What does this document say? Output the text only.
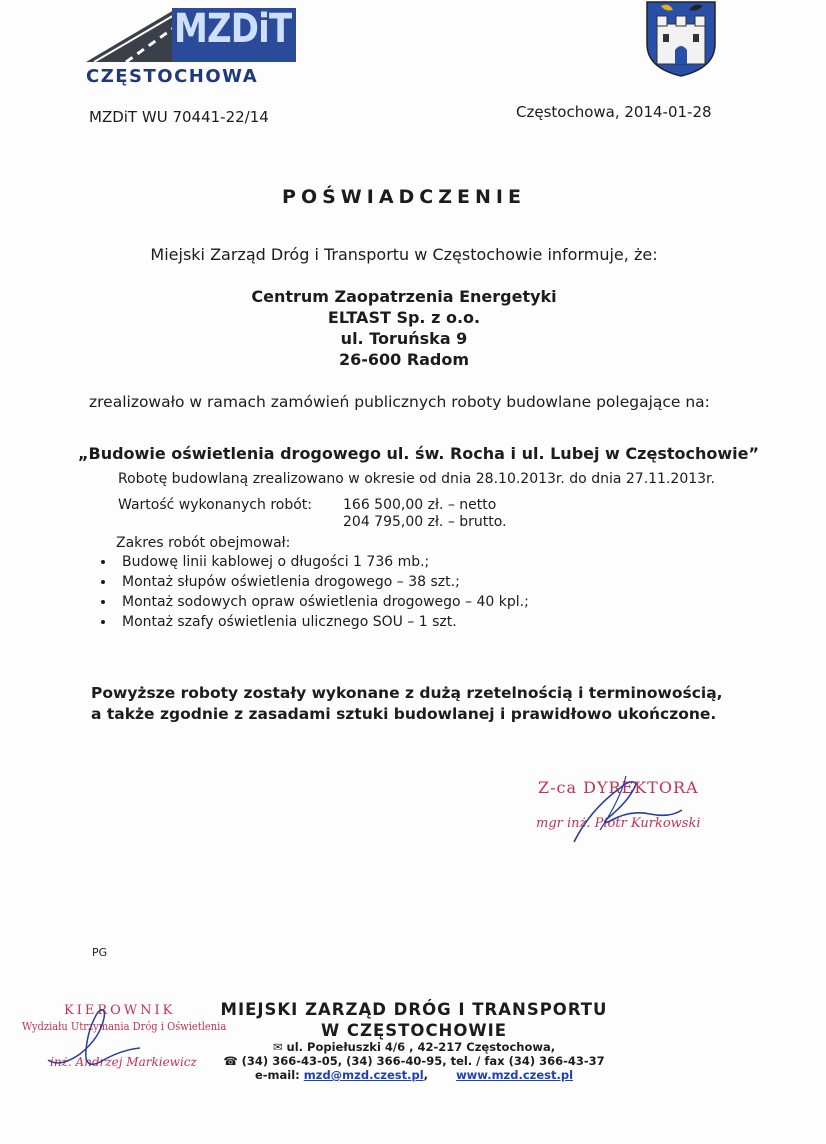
MZDiT
CZĘSTOCHOWA
MZDiT WU 70441-22/14	Częstochowa, 2014-01-28
POŚWIADCZENIE
Miejski Zarząd Dróg i Transportu w Częstochowie informuje, że:
Centrum Zaopatrzenia Energetyki
ELTAST Sp. z o.o.
ul. Toruńska 9
26-600 Radom
zrealizowało w ramach zamówień publicznych roboty budowlane polegające na:
„Budowie oświetlenia drogowego ul. św. Rocha i ul. Lubej w Częstochowie”
Robotę budowlaną zrealizowano w okresie od dnia 28.10.2013r. do dnia 27.11.2013r.
Wartość wykonanych robót: 166 500,00 zł. – netto
204 795,00 zł. – brutto.
Zakres robót obejmował:
• Budowę linii kablowej o długości 1 736 mb.;
• Montaż słupów oświetlenia drogowego – 38 szt.;
• Montaż sodowych opraw oświetlenia drogowego – 40 kpl.;
• Montaż szafy oświetlenia ulicznego SOU – 1 szt.
Powyższe roboty zostały wykonane z dużą rzetelnością i terminowością,
a także zgodnie z zasadami sztuki budowlanej i prawidłowo ukończone.
Z-ca DYREKTORA
mgr inż. Piotr Kurkowski
PG
KIEROWNIK
Wydziału Utrzymania Dróg i Oświetlenia
inż. Andrzej Markiewicz
MIEJSKI ZARZĄD DRÓG I TRANSPORTU
W CZĘSTOCHOWIE
✉ ul. Popiełuszki 4/6 , 42-217 Częstochowa,
☎ (34) 366-43-05, (34) 366-40-95, tel. / fax (34) 366-43-37
e-mail: mzd@mzd.czest.pl,       www.mzd.czest.pl
